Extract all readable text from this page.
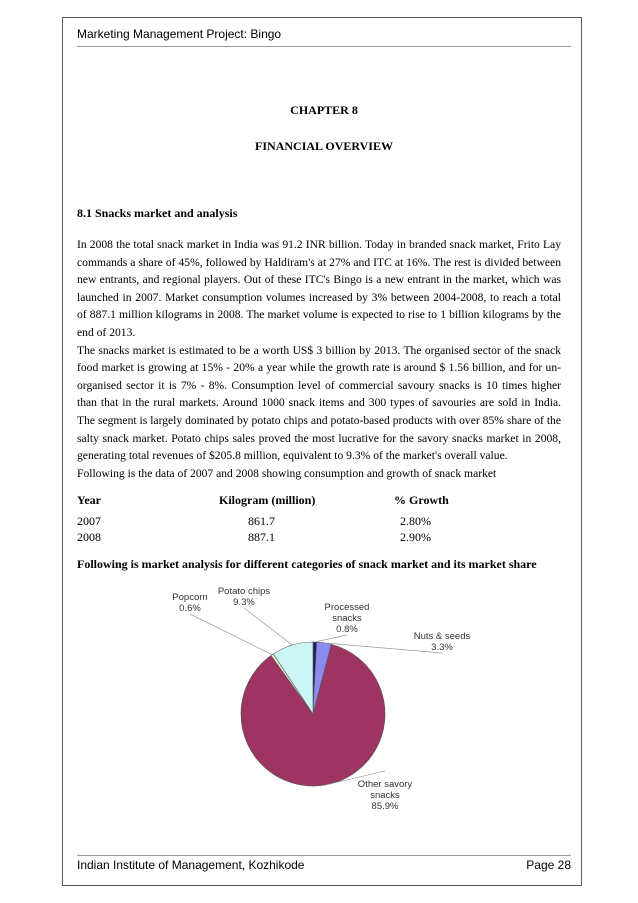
Marketing Management Project: Bingo
CHAPTER 8
FINANCIAL OVERVIEW
8.1 Snacks market and analysis

In 2008 the total snack market in India was 91.2 INR billion. Today in branded snack market, Frito Lay commands a share of 45%, followed by Haldiram's at 27% and ITC at 16%. The rest is divided between new entrants, and regional players. Out of these ITC's Bingo is a new entrant in the market, which was launched in 2007. Market consumption volumes increased by 3% between 2004-2008, to reach a total of 887.1 million kilograms in 2008. The market volume is expected to rise to 1 billion kilograms by the end of 2013.

The snacks market is estimated to be a worth US$ 3 billion by 2013. The organised sector of the snack food market is growing at 15% - 20% a year while the growth rate is around $ 1.56 billion, and for un-organised sector it is 7% - 8%. Consumption level of commercial savoury snacks is 10 times higher than that in the rural markets. Around 1000 snack items and 300 types of savouries are sold in India. The segment is largely dominated by potato chips and potato-based products with over 85% share of the salty snack market. Potato chips sales proved the most lucrative for the savory snacks market in 2008, generating total revenues of $205.8 million, equivalent to 9.3% of the market's overall value.

Following is the data of 2007 and 2008 showing consumption and growth of snack market

Year	Kilogram (million)	% Growth
2007	861.7	2.80%
2008	887.1	2.90%
Following is market analysis for different categories of snack market and its market share
Processed snacks 0.8%
Nuts & seeds 3.3%
Other savory snacks 85.9%
Popcorn 0.6%
Potato chips 9.3%
Indian Institute of Management, Kozhikode	Page 28
